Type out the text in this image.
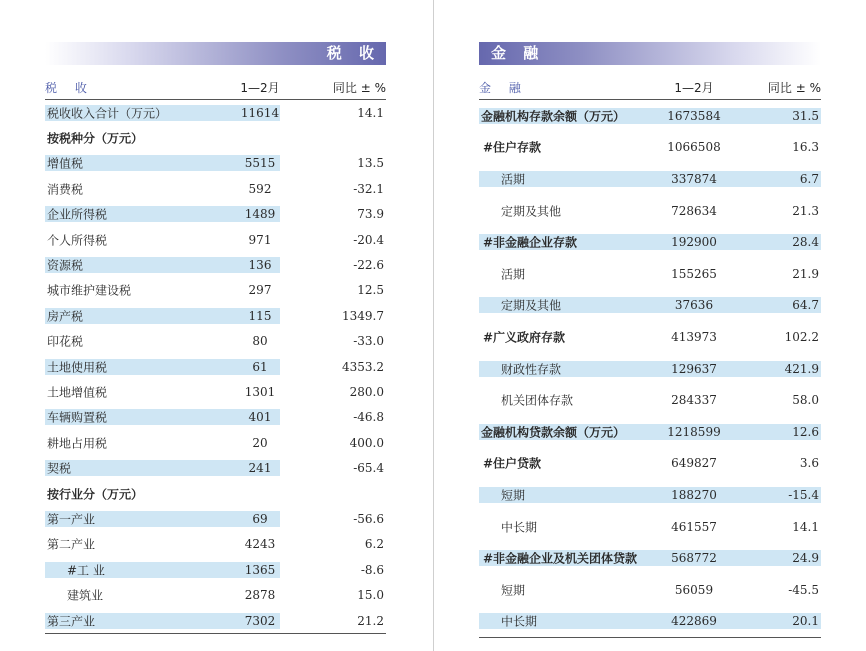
税 收
税 收	1—2月	同比 ± %
税收收入合计（万元）	11614	14.1
按税种分（万元）
增值税	5515	13.5
消费税	592	-32.1
企业所得税	1489	73.9
个人所得税	971	-20.4
资源税	136	-22.6
城市维护建设税	297	12.5
房产税	115	1349.7
印花税	80	-33.0
土地使用税	61	4353.2
土地增值税	1301	280.0
车辆购置税	401	-46.8
耕地占用税	20	400.0
契税	241	-65.4
按行业分（万元）
第一产业	69	-56.6
第二产业	4243	6.2
#工 业	1365	-8.6
建筑业	2878	15.0
第三产业	7302	21.2
金 融
金 融	1—2月	同比 ± %
金融机构存款余额（万元）	1673584	31.5
#住户存款	1066508	16.3
活期	337874	6.7
定期及其他	728634	21.3
#非金融企业存款	192900	28.4
活期	155265	21.9
定期及其他	37636	64.7
#广义政府存款	413973	102.2
财政性存款	129637	421.9
机关团体存款	284337	58.0
金融机构贷款余额（万元）	1218599	12.6
#住户贷款	649827	3.6
短期	188270	-15.4
中长期	461557	14.1
#非金融企业及机关团体贷款	568772	24.9
短期	56059	-45.5
中长期	422869	20.1
